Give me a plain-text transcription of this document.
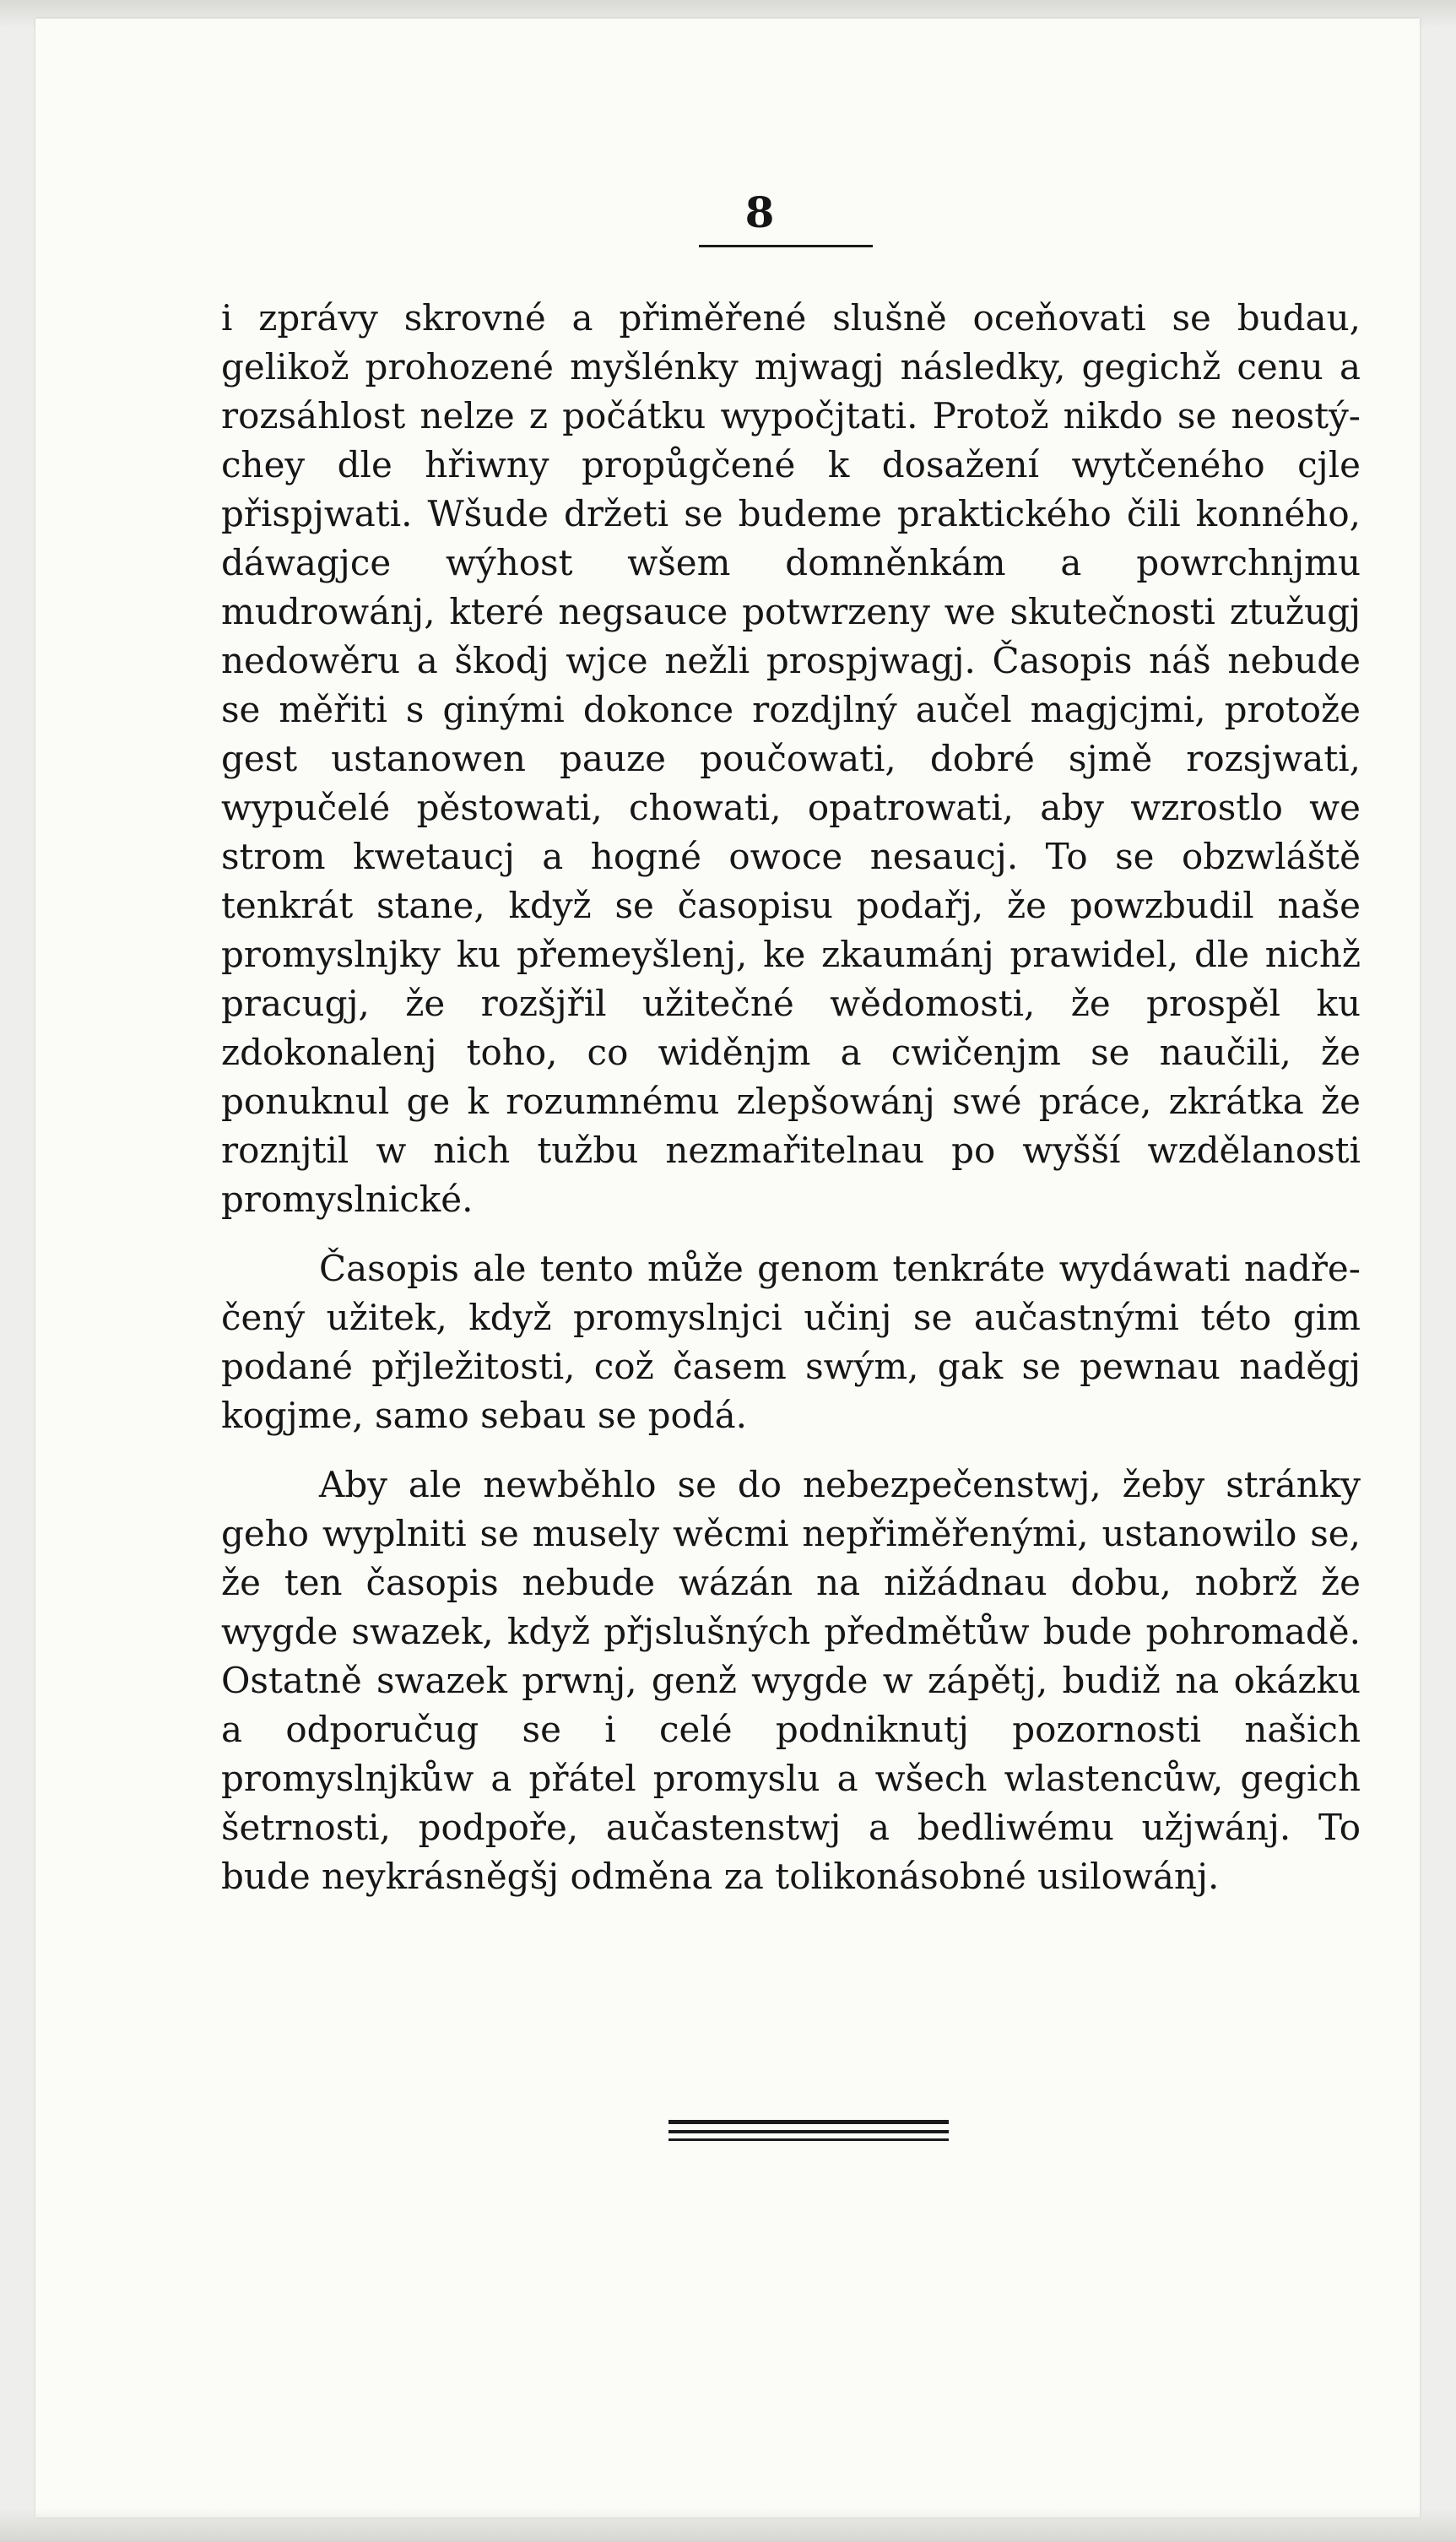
8

i zprávy skrovné a přiměřené slušně oceňovati se budau, gelikož prohozené myšlénky mjwagj následky, gegichž cenu a rozsáhlost nelze z počátku wypočjtati. Protož nikdo se neostýchey dle hřiwny propůgčené k dosažení wytčeného cjle přispjwati. Wšude držeti se budeme praktického čili konného, dáwagjce wýhost wšem domněnkám a powrchnjmu mudrowánj, které negsauce potwrzeny we skutečnosti ztužugj nedowěru a škodj wjce nežli prospjwagj. Časopis náš nebude se měřiti s ginými dokonce rozdjlný aučel magjcjmi, protože gest ustanowen pauze poučowati, dobré sjmě rozsjwati, wypučelé pěstowati, chowati, opatrowati, aby wzrostlo we strom kwetaucj a hogné owoce nesaucj. To se obzwláště tenkrát stane, když se časopisu podařj, že powzbudil naše promyslnjky ku přemeyšlenj, ke zkaumánj prawidel, dle nichž pracugj, že rozšjřil užitečné wědomosti, že prospěl ku zdokonalenj toho, co widěnjm a cwičenjm se naučili, že ponuknul ge k rozumnému zlepšowánj swé práce, zkrátka že roznjtil w nich tužbu nezmařitelnau po wyšší wzdělanosti promyslnické.

Časopis ale tento může genom tenkráte wydáwati nadřečený užitek, když promyslnjci učinj se aučastnými této gim podané přjležitosti, což časem swým, gak se pewnau naděgj kogjme, samo sebau se podá.

Aby ale newběhlo se do nebezpečenstwj, žeby stránky geho wyplniti se musely wěcmi nepřiměřenými, ustanowilo se, že ten časopis nebude wázán na nižádnau dobu, nobrž že wygde swazek, když přjslušných předmětůw bude pohromadě. Ostatně swazek prwnj, genž wygde w zápětj, budiž na okázku a odporučug se i celé podniknutj pozornosti našich promyslnjkůw a přátel promyslu a wšech wlastencůw, gegich šetrnosti, podpoře, aučastenstwj a bedliwému užjwánj. To bude neykrásněgšj odměna za tolikonásobné usilowánj.
